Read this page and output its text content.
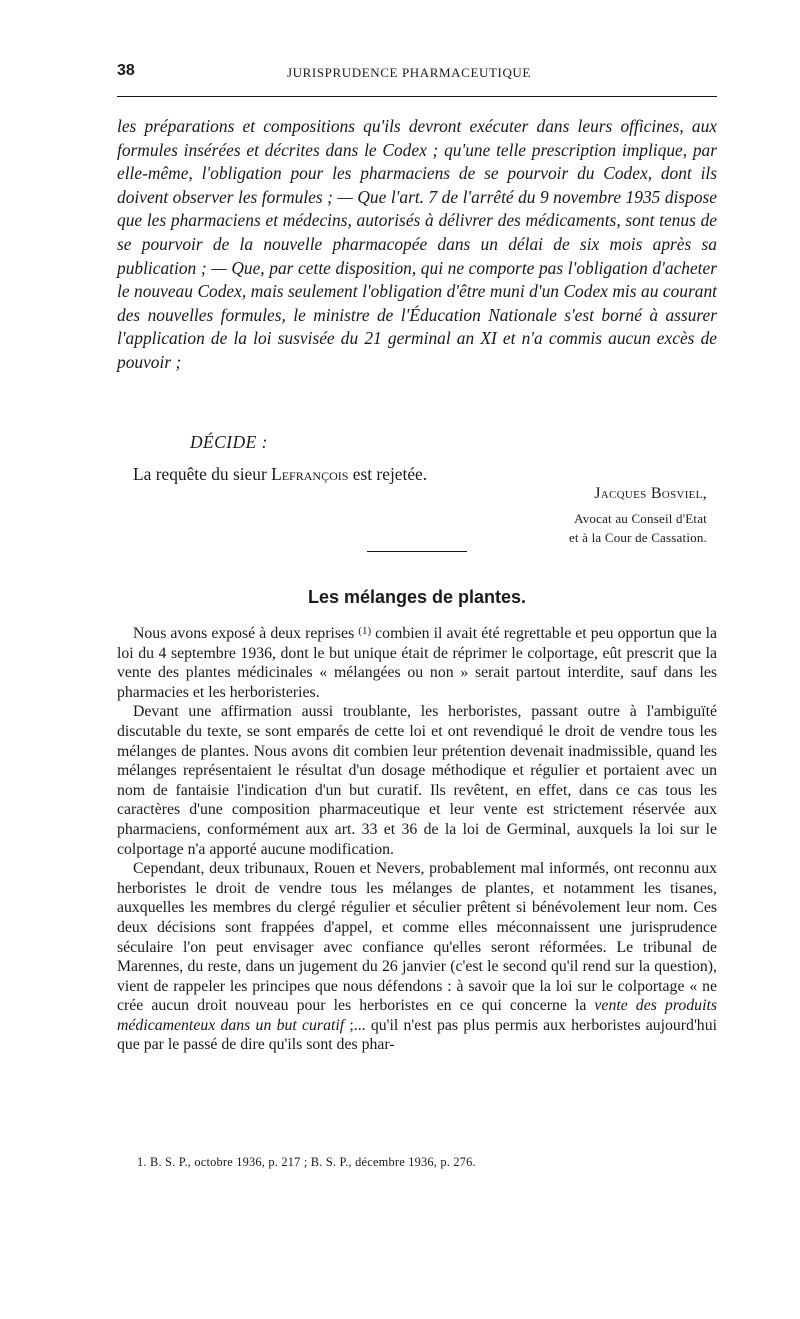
38	JURISPRUDENCE PHARMACEUTIQUE

les préparations et compositions qu'ils devront exécuter dans leurs officines, aux formules insérées et décrites dans le Codex ; qu'une telle prescription implique, par elle-même, l'obligation pour les pharmaciens de se pourvoir du Codex, dont ils doivent observer les formules ; — Que l'art. 7 de l'arrêté du 9 novembre 1935 dispose que les pharmaciens et médecins, autorisés à délivrer des médicaments, sont tenus de se pourvoir de la nouvelle pharmacopée dans un délai de six mois après sa publication ; — Que, par cette disposition, qui ne comporte pas l'obligation d'acheter le nouveau Codex, mais seulement l'obligation d'être muni d'un Codex mis au courant des nouvelles formules, le ministre de l'Éducation Nationale s'est borné à assurer l'application de la loi susvisée du 21 germinal an XI et n'a commis aucun excès de pouvoir ;

DÉCIDE :
La requête du sieur Lefrançois est rejetée.
Jacques Bosviel,
Avocat au Conseil d'Etat
et à la Cour de Cassation.
Les mélanges de plantes.

Nous avons exposé à deux reprises $^{(1)}$ combien il avait été regrettable et peu opportun que la loi du 4 septembre 1936, dont le but unique était de réprimer le colportage, eût prescrit que la vente des plantes médicinales « mélangées ou non » serait partout interdite, sauf dans les pharmacies et les herboristeries.

Devant une affirmation aussi troublante, les herboristes, passant outre à l'ambiguïté discutable du texte, se sont emparés de cette loi et ont revendiqué le droit de vendre tous les mélanges de plantes. Nous avons dit combien leur prétention devenait inadmissible, quand les mélanges représentaient le résultat d'un dosage méthodique et régulier et portaient avec un nom de fantaisie l'indication d'un but curatif. Ils revêtent, en effet, dans ce cas tous les caractères d'une composition pharmaceutique et leur vente est strictement réservée aux pharmaciens, conformément aux art. 33 et 36 de la loi de Germinal, auxquels la loi sur le colportage n'a apporté aucune modification.

Cependant, deux tribunaux, Rouen et Nevers, probablement mal informés, ont reconnu aux herboristes le droit de vendre tous les mélanges de plantes, et notamment les tisanes, auxquelles les membres du clergé régulier et séculier prêtent si bénévolement leur nom. Ces deux décisions sont frappées d'appel, et comme elles méconnaissent une jurisprudence séculaire l'on peut envisager avec confiance qu'elles seront réformées. Le tribunal de Marennes, du reste, dans un jugement du 26 janvier (c'est le second qu'il rend sur la question), vient de rappeler les principes que nous défendons : à savoir que la loi sur le colportage « ne crée aucun droit nouveau pour les herboristes en ce qui concerne la vente des produits médicamenteux dans un but curatif ;... qu'il n'est pas plus permis aux herboristes aujourd'hui que par le passé de dire qu'ils sont des phar-

1. B. S. P., octobre 1936, p. 217 ; B. S. P., décembre 1936, p. 276.
